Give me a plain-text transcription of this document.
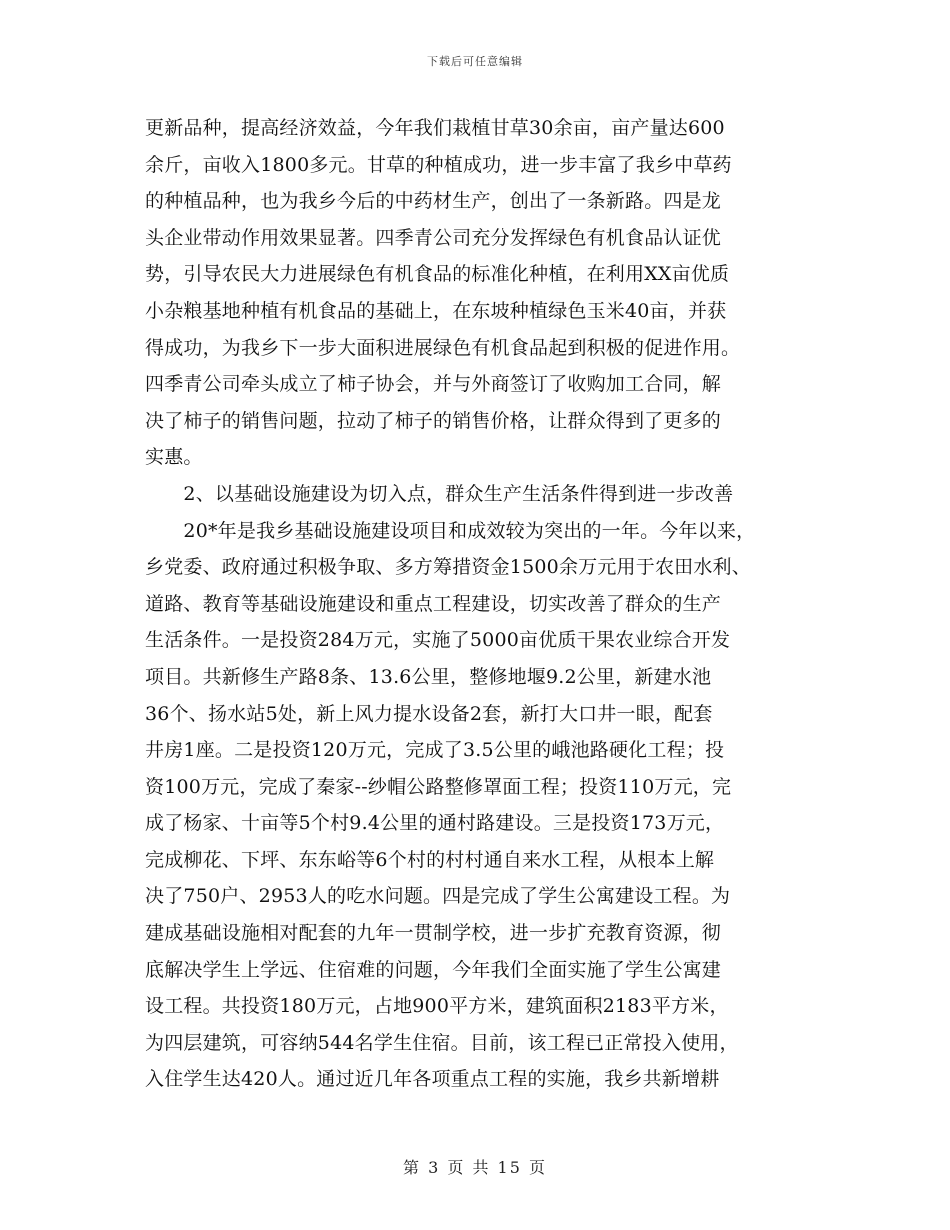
下载后可任意编辑
更新品种，提高经济效益，今年我们栽植甘草30余亩，亩产量达600
余斤，亩收入1800多元。甘草的种植成功，进一步丰富了我乡中草药
的种植品种，也为我乡今后的中药材生产，创出了一条新路。四是龙
头企业带动作用效果显著。四季青公司充分发挥绿色有机食品认证优
势，引导农民大力进展绿色有机食品的标准化种植，在利用XX亩优质
小杂粮基地种植有机食品的基础上，在东坡种植绿色玉米40亩，并获
得成功，为我乡下一步大面积进展绿色有机食品起到积极的促进作用。
四季青公司牵头成立了柿子协会，并与外商签订了收购加工合同，解
决了柿子的销售问题，拉动了柿子的销售价格，让群众得到了更多的
实惠。
　　2、以基础设施建设为切入点，群众生产生活条件得到进一步改善
　　20*年是我乡基础设施建设项目和成效较为突出的一年。今年以来，
乡党委、政府通过积极争取、多方筹措资金1500余万元用于农田水利、
道路、教育等基础设施建设和重点工程建设，切实改善了群众的生产
生活条件。一是投资284万元，实施了5000亩优质干果农业综合开发
项目。共新修生产路8条、13.6公里，整修地堰9.2公里，新建水池
36个、扬水站5处，新上风力提水设备2套，新打大口井一眼，配套
井房1座。二是投资120万元，完成了3.5公里的峨池路硬化工程；投
资100万元，完成了秦家--纱帽公路整修罩面工程；投资110万元，完
成了杨家、十亩等5个村9.4公里的通村路建设。三是投资173万元，
完成柳花、下坪、东东峪等6个村的村村通自来水工程，从根本上解
决了750户、2953人的吃水问题。四是完成了学生公寓建设工程。为
建成基础设施相对配套的九年一贯制学校，进一步扩充教育资源，彻
底解决学生上学远、住宿难的问题，今年我们全面实施了学生公寓建
设工程。共投资180万元，占地900平方米，建筑面积2183平方米，
为四层建筑，可容纳544名学生住宿。目前，该工程已正常投入使用，
入住学生达420人。通过近几年各项重点工程的实施，我乡共新增耕
第 3 页 共 15 页
